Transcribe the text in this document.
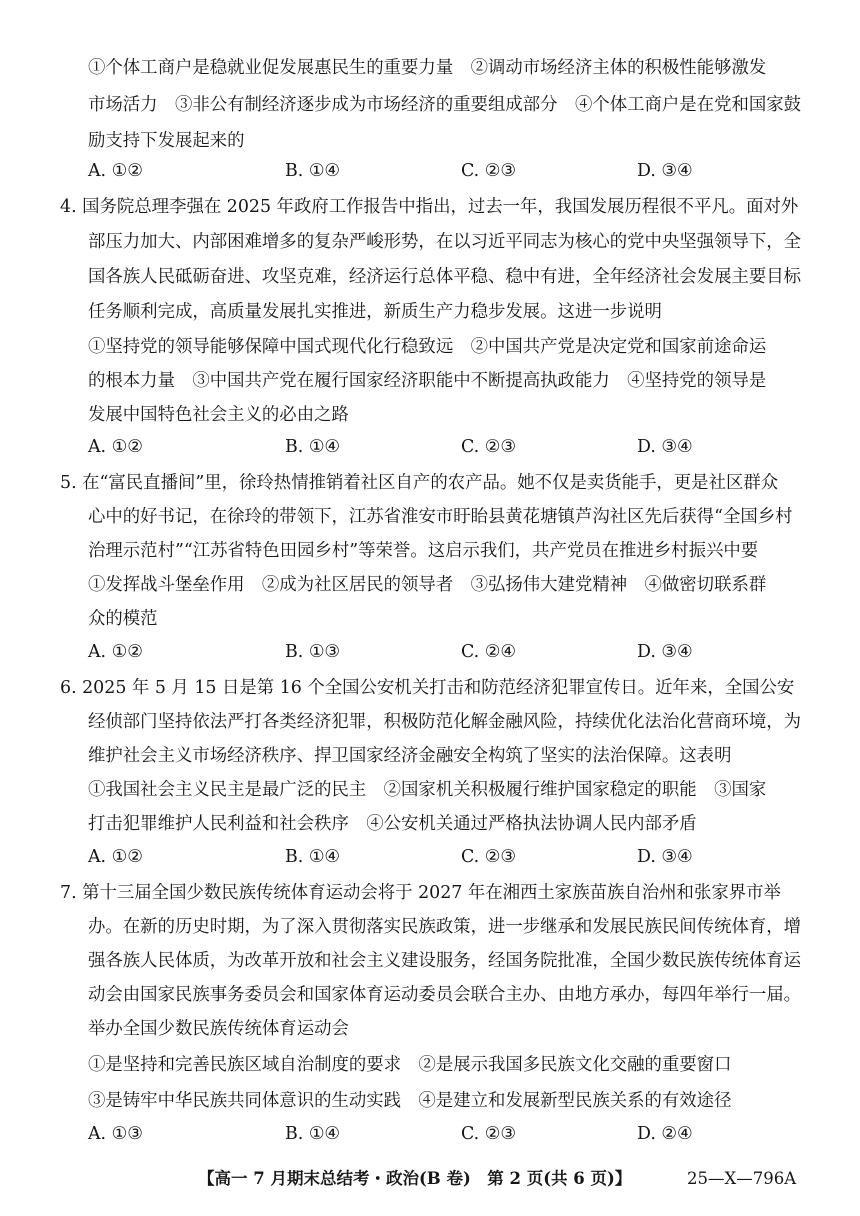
①个体工商户是稳就业促发展惠民生的重要力量　②调动市场经济主体的积极性能够激发
市场活力　③非公有制经济逐步成为市场经济的重要组成部分　④个体工商户是在党和国家鼓
励支持下发展起来的
A. ①②	B. ①④	C. ②③	D. ③④
4. 国务院总理李强在 2025 年政府工作报告中指出，过去一年，我国发展历程很不平凡。面对外
部压力加大、内部困难增多的复杂严峻形势，在以习近平同志为核心的党中央坚强领导下，全
国各族人民砥砺奋进、攻坚克难，经济运行总体平稳、稳中有进，全年经济社会发展主要目标
任务顺利完成，高质量发展扎实推进，新质生产力稳步发展。这进一步说明
①坚持党的领导能够保障中国式现代化行稳致远　②中国共产党是决定党和国家前途命运
的根本力量　③中国共产党在履行国家经济职能中不断提高执政能力　④坚持党的领导是
发展中国特色社会主义的必由之路
A. ①②	B. ①④	C. ②③	D. ③④
5. 在“富民直播间”里，徐玲热情推销着社区自产的农产品。她不仅是卖货能手，更是社区群众
心中的好书记，在徐玲的带领下，江苏省淮安市盱眙县黄花塘镇芦沟社区先后获得“全国乡村
治理示范村”“江苏省特色田园乡村”等荣誉。这启示我们，共产党员在推进乡村振兴中要
①发挥战斗堡垒作用　②成为社区居民的领导者　③弘扬伟大建党精神　④做密切联系群
众的模范
A. ①②	B. ①③	C. ②④	D. ③④
6. 2025 年 5 月 15 日是第 16 个全国公安机关打击和防范经济犯罪宣传日。近年来，全国公安
经侦部门坚持依法严打各类经济犯罪，积极防范化解金融风险，持续优化法治化营商环境，为
维护社会主义市场经济秩序、捍卫国家经济金融安全构筑了坚实的法治保障。这表明
①我国社会主义民主是最广泛的民主　②国家机关积极履行维护国家稳定的职能　③国家
打击犯罪维护人民利益和社会秩序　④公安机关通过严格执法协调人民内部矛盾
A. ①②	B. ①④	C. ②③	D. ③④
7. 第十三届全国少数民族传统体育运动会将于 2027 年在湘西土家族苗族自治州和张家界市举
办。在新的历史时期，为了深入贯彻落实民族政策，进一步继承和发展民族民间传统体育，增
强各族人民体质，为改革开放和社会主义建设服务，经国务院批准，全国少数民族传统体育运
动会由国家民族事务委员会和国家体育运动委员会联合主办、由地方承办，每四年举行一届。
举办全国少数民族传统体育运动会
①是坚持和完善民族区域自治制度的要求　②是展示我国多民族文化交融的重要窗口
③是铸牢中华民族共同体意识的生动实践　④是建立和发展新型民族关系的有效途径
A. ①③	B. ①④	C. ②③	D. ②④
【高一 7 月期末总结考・政治(B 卷)　第 2 页(共 6 页)】	25—X—796A
